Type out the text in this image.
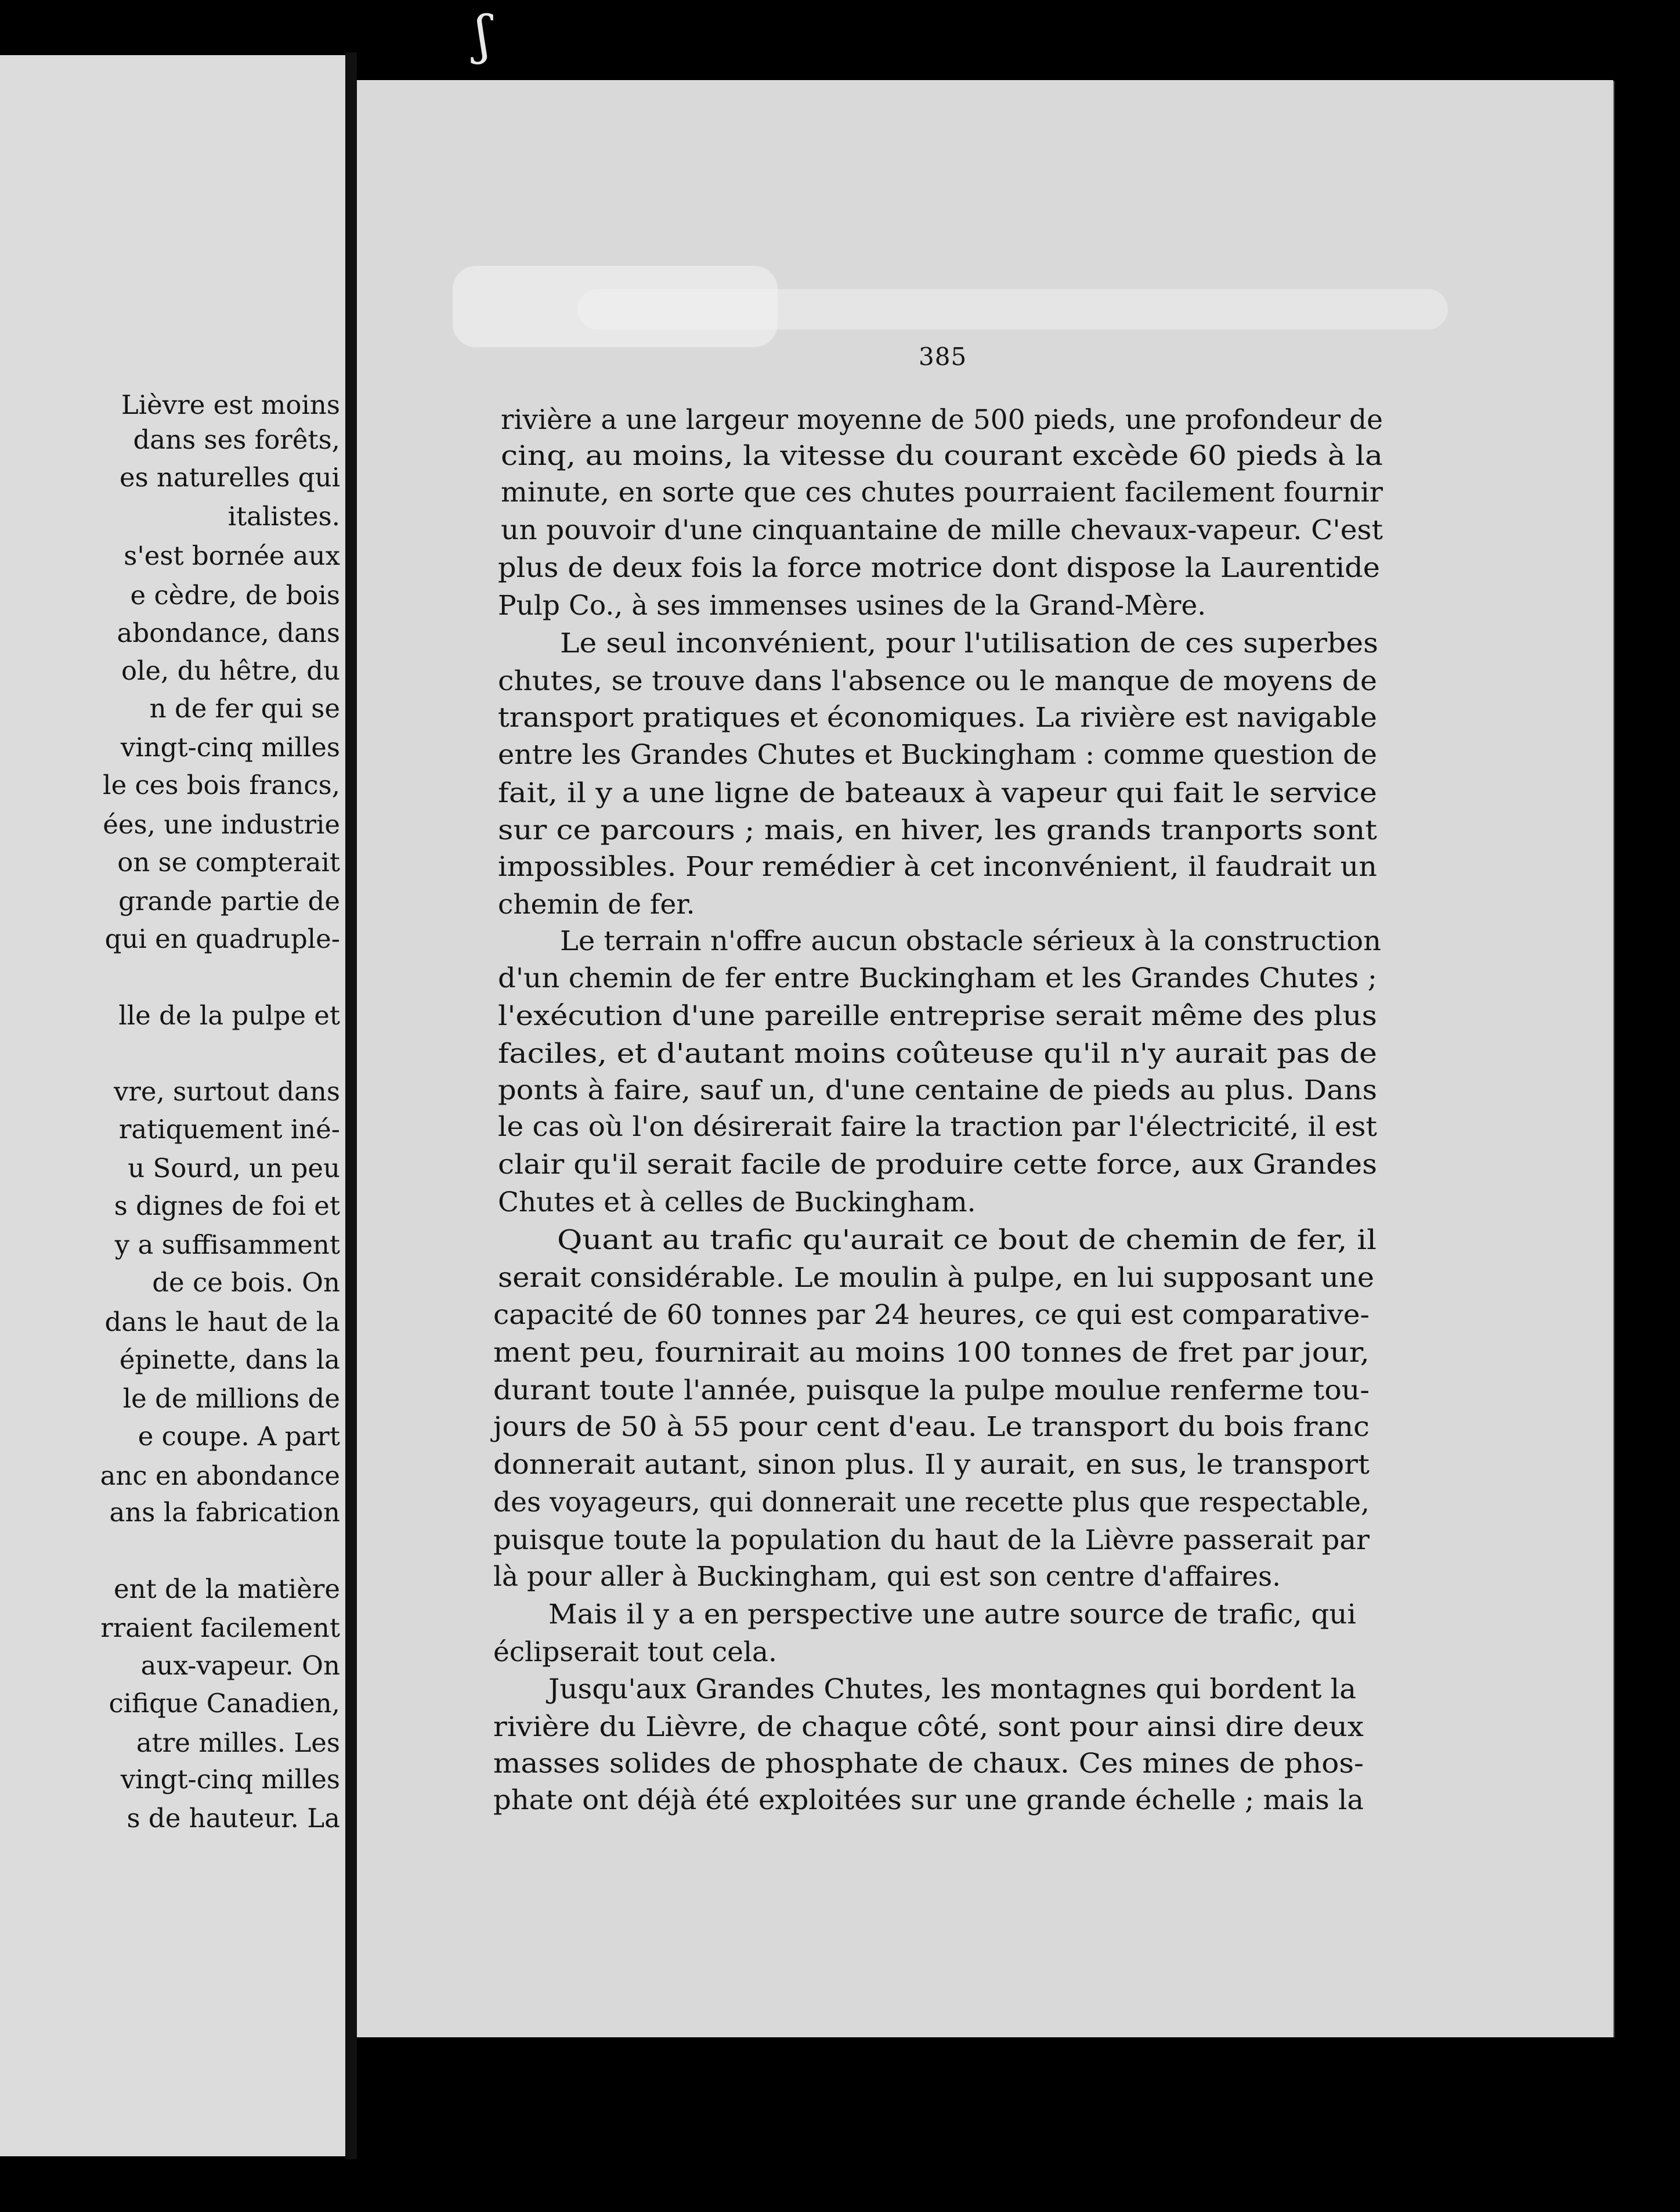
ʃ
Lièvre est moins
dans ses forêts,
es naturelles qui
italistes.
s'est bornée aux
e cèdre, de bois
abondance, dans
ole, du hêtre, du
n de fer qui se
vingt-cinq milles
le ces bois francs,
ées, une industrie
on se compterait
grande partie de
qui en quadruple-
lle de la pulpe et
vre, surtout dans
ratiquement iné-
u Sourd, un peu
s dignes de foi et
y a suffisamment
de ce bois. On
dans le haut de la
épinette, dans la
le de millions de
e coupe. A part
anc en abondance
ans la fabrication
ent de la matière
rraient facilement
aux-vapeur. On
cifique Canadien,
atre milles. Les
vingt-cinq milles
s de hauteur. La
385
rivière a une largeur moyenne de 500 pieds, une profondeur de
cinq, au moins, la vitesse du courant excède 60 pieds à la
minute, en sorte que ces chutes pourraient facilement fournir
un pouvoir d'une cinquantaine de mille chevaux-vapeur. C'est
plus de deux fois la force motrice dont dispose la Laurentide
Pulp Co., à ses immenses usines de la Grand-Mère.
Le seul inconvénient, pour l'utilisation de ces superbes
chutes, se trouve dans l'absence ou le manque de moyens de
transport pratiques et économiques. La rivière est navigable
entre les Grandes Chutes et Buckingham : comme question de
fait, il y a une ligne de bateaux à vapeur qui fait le service
sur ce parcours ; mais, en hiver, les grands tranports sont
impossibles. Pour remédier à cet inconvénient, il faudrait un
chemin de fer.
Le terrain n'offre aucun obstacle sérieux à la construction
d'un chemin de fer entre Buckingham et les Grandes Chutes ;
l'exécution d'une pareille entreprise serait même des plus
faciles, et d'autant moins coûteuse qu'il n'y aurait pas de
ponts à faire, sauf un, d'une centaine de pieds au plus. Dans
le cas où l'on désirerait faire la traction par l'électricité, il est
clair qu'il serait facile de produire cette force, aux Grandes
Chutes et à celles de Buckingham.
Quant au trafic qu'aurait ce bout de chemin de fer, il
serait considérable. Le moulin à pulpe, en lui supposant une
capacité de 60 tonnes par 24 heures, ce qui est comparative-
ment peu, fournirait au moins 100 tonnes de fret par jour,
durant toute l'année, puisque la pulpe moulue renferme tou-
jours de 50 à 55 pour cent d'eau. Le transport du bois franc
donnerait autant, sinon plus. Il y aurait, en sus, le transport
des voyageurs, qui donnerait une recette plus que respectable,
puisque toute la population du haut de la Lièvre passerait par
là pour aller à Buckingham, qui est son centre d'affaires.
Mais il y a en perspective une autre source de trafic, qui
éclipserait tout cela.
Jusqu'aux Grandes Chutes, les montagnes qui bordent la
rivière du Lièvre, de chaque côté, sont pour ainsi dire deux
masses solides de phosphate de chaux. Ces mines de phos-
phate ont déjà été exploitées sur une grande échelle ; mais la
